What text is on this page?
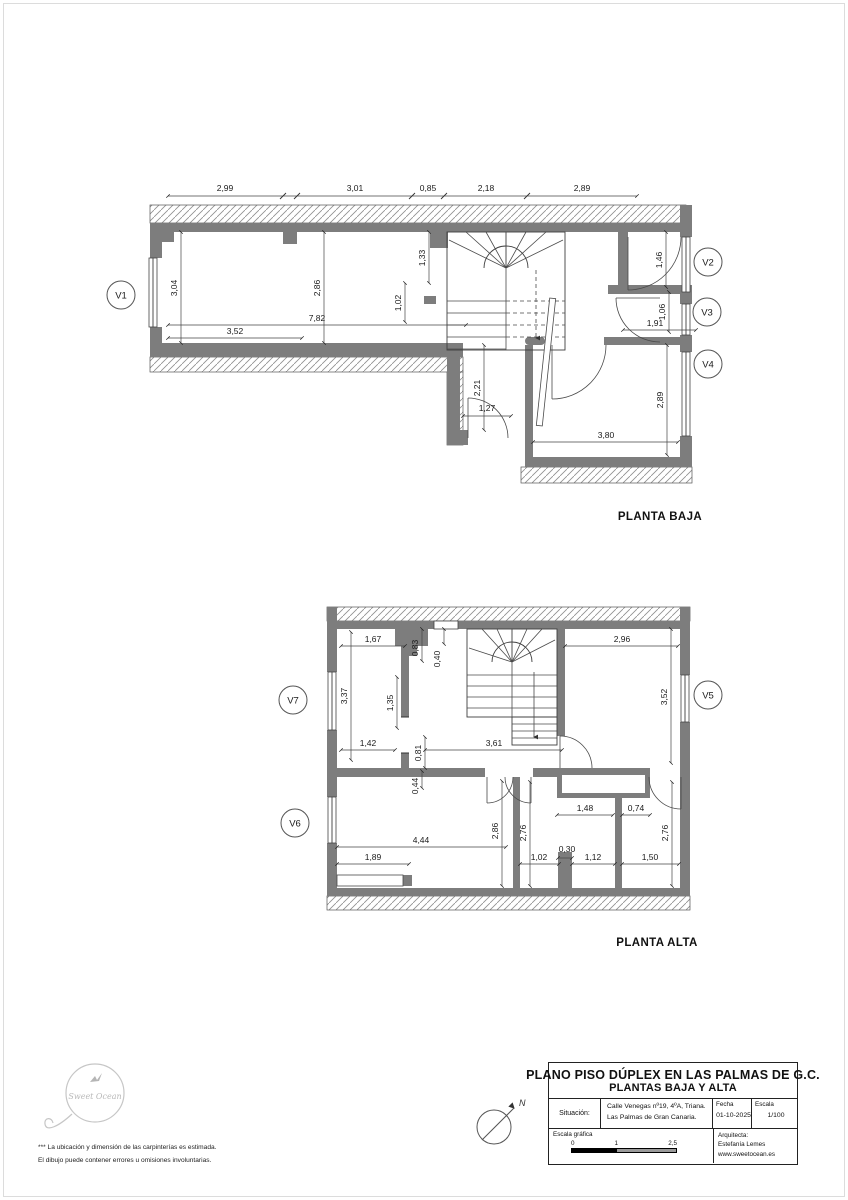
2,99	3,01	0,85	2,18	2,89
7,82
3,52
1,91
3,80
1,27
3,04	2,86
1,33
1,02
1,46
1,06
2,89
2,21
V1
V2
V3
V4
PLANTA BAJA
1,67
0,83
0,40
2,96
3,37	1,35	3,52
1,42
0,81
3,61
0,44
2,86 2,76	2,76
1,48	0,74
0,30
4,44
1,89	1,02	1,12	1,50
V7	V5
V6
PLANTA ALTA
N
Sweet Ocean
PLANO PISO DÚPLEX EN LAS PALMAS DE G.C.
PLANTAS BAJA Y ALTA
Situación:
Calle Venegas nº19, 4ºA, Triana.
Las Palmas de Gran Canaria.
Fecha
01-10-2025
Escala
1/100
Escala gráfica
0	1	2,5
Arquitecta:
Estefanía Lemes
www.sweetocean.es
*** La ubicación y dimensión de las carpinterías es estimada.
El dibujo puede contener errores u omisiones involuntarias.
